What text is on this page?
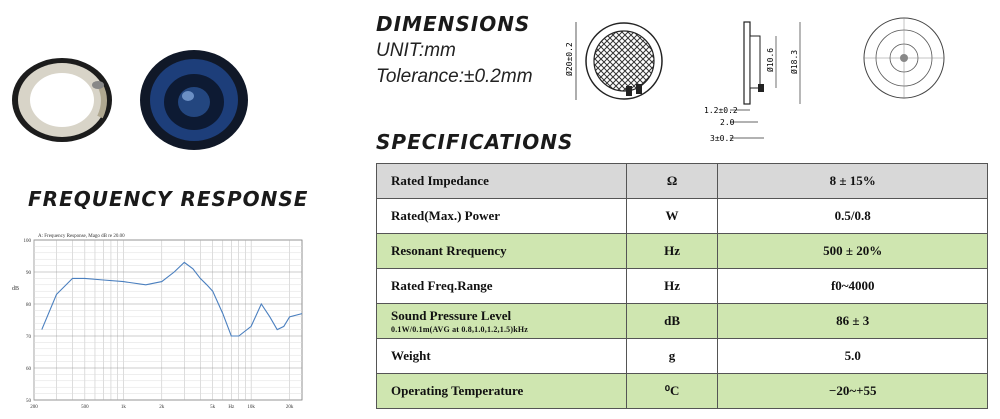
DIMENSIONS
UNIT:mm
Tolerance:±0.2mm
SPECIFICATIONS
FREQUENCY RESPONSE
Ø20±0.2	Ø10.6 Ø18.3
1.2±0.2
2.0
3±0.2
Rated Impedance	Ω	8 ± 15%
Rated(Max.) Power	W	0.5/0.8
Resonant Rrequency	Hz	500 ± 20%
Rated Freq.Range	Hz	f0~4000
Sound Pressure Level
0.1W/0.1m(AVG at 0.8,1.0,1.2,1.5)kHz	dB	86 ± 3
Weight	g	5.0
Operating Temperature	⁰C	−20~+55
A: Frequency Response, Mago dB re 20.00
dB
100
90
80
70
60
50
200	500	1k	2k	5k	Hz	10k	20k
